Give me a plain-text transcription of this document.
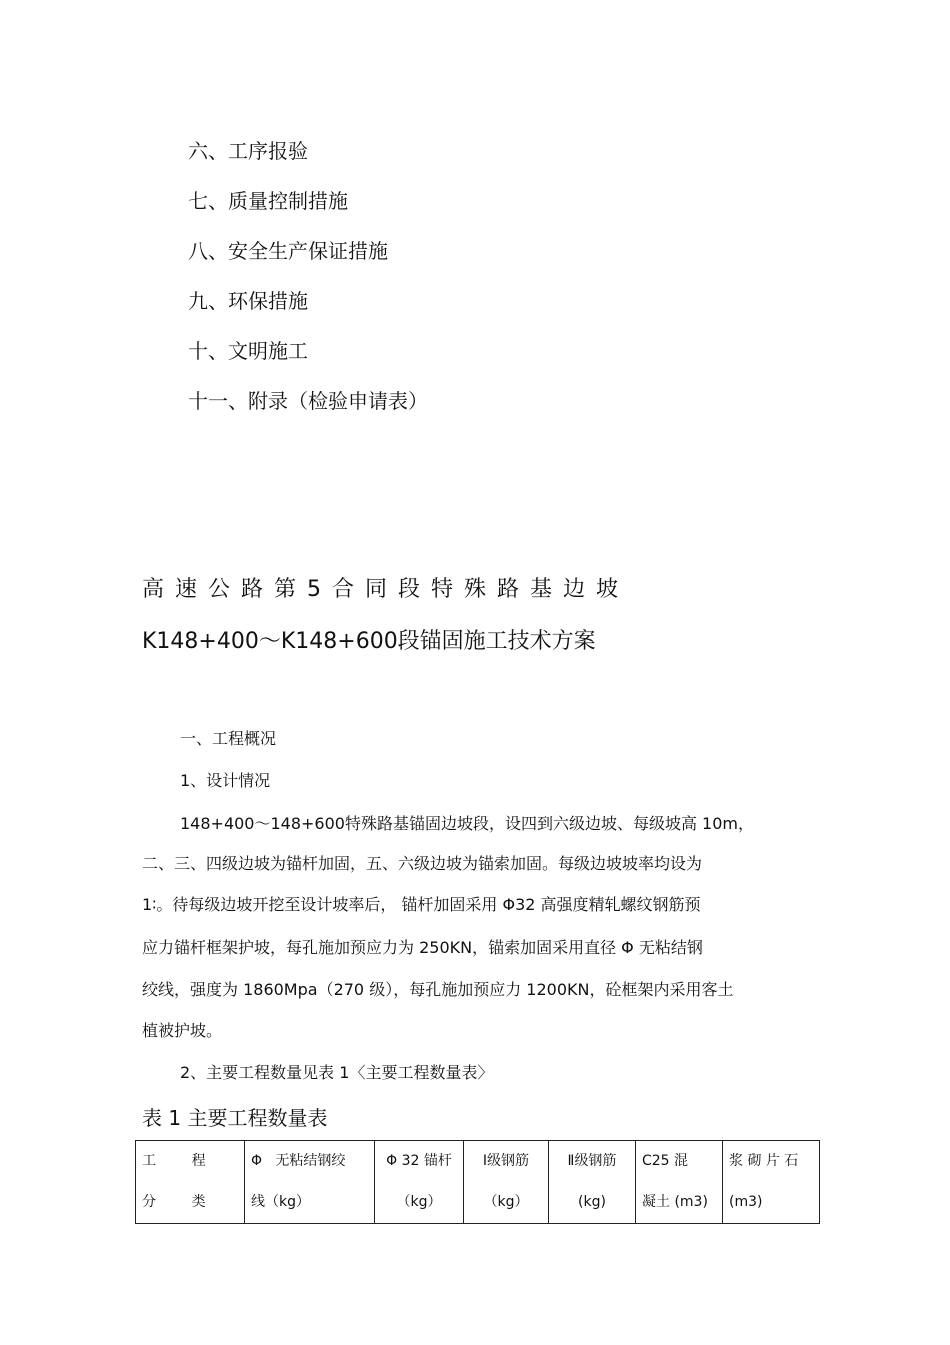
六、工序报验
七、质量控制措施
八、安全生产保证措施
九、环保措施
十、文明施工
十一、附录（检验申请表）
高速公路第5合同段特殊路基边坡
K148+400～K148+600段锚固施工技术方案
一、工程概况
1、设计情况
148+400～148+600特殊路基锚固边坡段，设四到六级边坡、每级坡高 10m，
二、三、四级边坡为锚杆加固，五、六级边坡为锚索加固。每级边坡坡率均设为
1∶。待每级边坡开挖至设计坡率后， 锚杆加固采用 Φ32 高强度精轧螺纹钢筋预
应力锚杆框架护坡，每孔施加预应力为 250KN，锚索加固采用直径 Φ 无粘结钢
绞线，强度为 1860Mpa（270 级），每孔施加预应力 1200KN，砼框架内采用客土
植被护坡。
2、主要工程数量见表 1〈主要工程数量表〉
表 1 主要工程数量表
工        程
分        类

Φ   无粘结钢绞
线（kg）

Φ 32 锚杆
（kg）

Ⅰ级钢筋
（kg）

Ⅱ级钢筋
(kg)

C25 混
凝土 (m3)

浆 砌 片 石
(m3)
